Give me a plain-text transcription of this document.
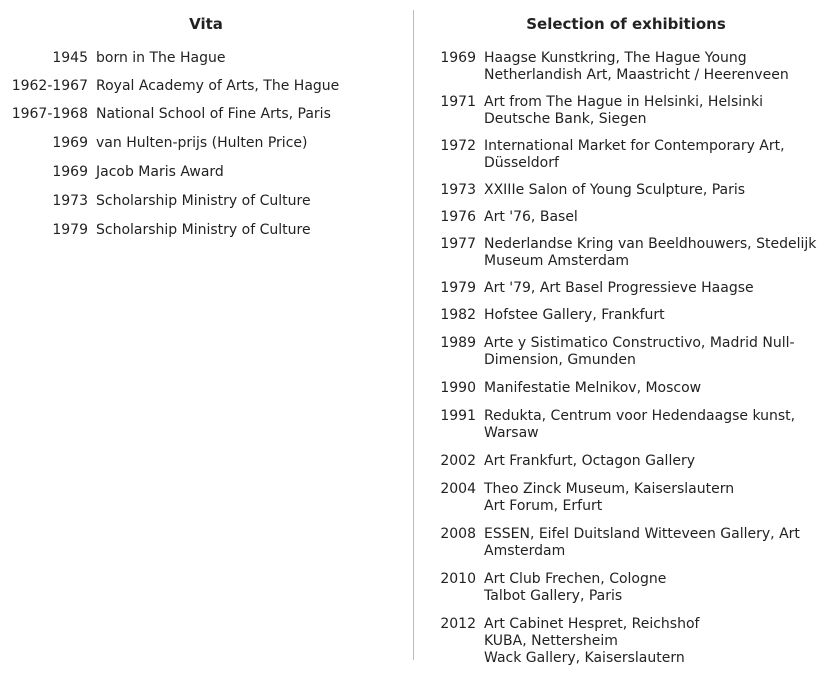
Vita
1945 born in The Hague
1962-1967 Royal Academy of Arts, The Hague
1967-1968 National School of Fine Arts, Paris
1969 van Hulten-prijs (Hulten Price)
1969 Jacob Maris Award
1973 Scholarship Ministry of Culture
1979 Scholarship Ministry of Culture
Selection of exhibitions
1969 Haagse Kunstkring, The Hague Young
Netherlandish Art, Maastricht / Heerenveen
1971 Art from The Hague in Helsinki, Helsinki
Deutsche Bank, Siegen
1972 International Market for Contemporary Art,
Düsseldorf
1973 XXIIIe Salon of Young Sculpture, Paris
1976 Art '76, Basel
1977 Nederlandse Kring van Beeldhouwers, Stedelijk
Museum Amsterdam
1979 Art '79, Art Basel Progressieve Haagse
1982 Hofstee Gallery, Frankfurt
1989 Arte y Sistimatico Constructivo, Madrid Null-
Dimension, Gmunden
1990 Manifestatie Melnikov, Moscow
1991 Redukta, Centrum voor Hedendaagse kunst,
Warsaw
2002 Art Frankfurt, Octagon Gallery
2004 Theo Zinck Museum, Kaiserslautern
Art Forum, Erfurt
2008 ESSEN, Eifel Duitsland Witteveen Gallery, Art
Amsterdam
2010 Art Club Frechen, Cologne
Talbot Gallery, Paris
2012 Art Cabinet Hespret, Reichshof
KUBA, Nettersheim
Wack Gallery, Kaiserslautern
